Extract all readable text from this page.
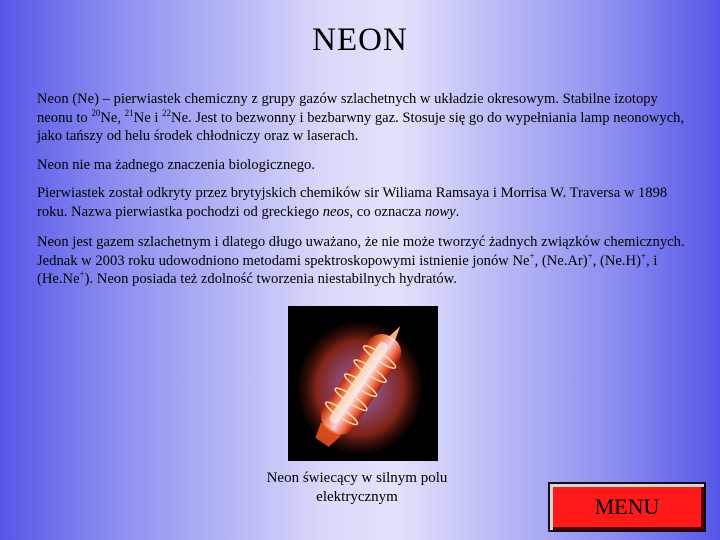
NEON

Neon (Ne) – pierwiastek chemiczny z grupy gazów szlachetnych w układzie okresowym. Stabilne izotopy neonu to $^{20}$Ne, $^{21}$Ne i $^{22}$Ne. Jest to bezwonny i bezbarwny gaz. Stosuje się go do wypełniania lamp neonowych, jako tańszy od helu środek chłodniczy oraz w laserach.

Neon nie ma żadnego znaczenia biologicznego.

Pierwiastek został odkryty przez brytyjskich chemików sir Wiliama Ramsaya i Morrisa W. Traversa w 1898 roku. Nazwa pierwiastka pochodzi od greckiego neos, co oznacza nowy.

Neon jest gazem szlachetnym i dlatego długo uważano, że nie może tworzyć żadnych związków chemicznych. Jednak w 2003 roku udowodniono metodami spektroskopowymi istnienie jonów Ne+, (Ne.Ar)+, (Ne.H)+, i (He.Ne+). Neon posiada też zdolność tworzenia niestabilnych hydratów.

Neon świecący w silnym polu elektrycznym	MENU
